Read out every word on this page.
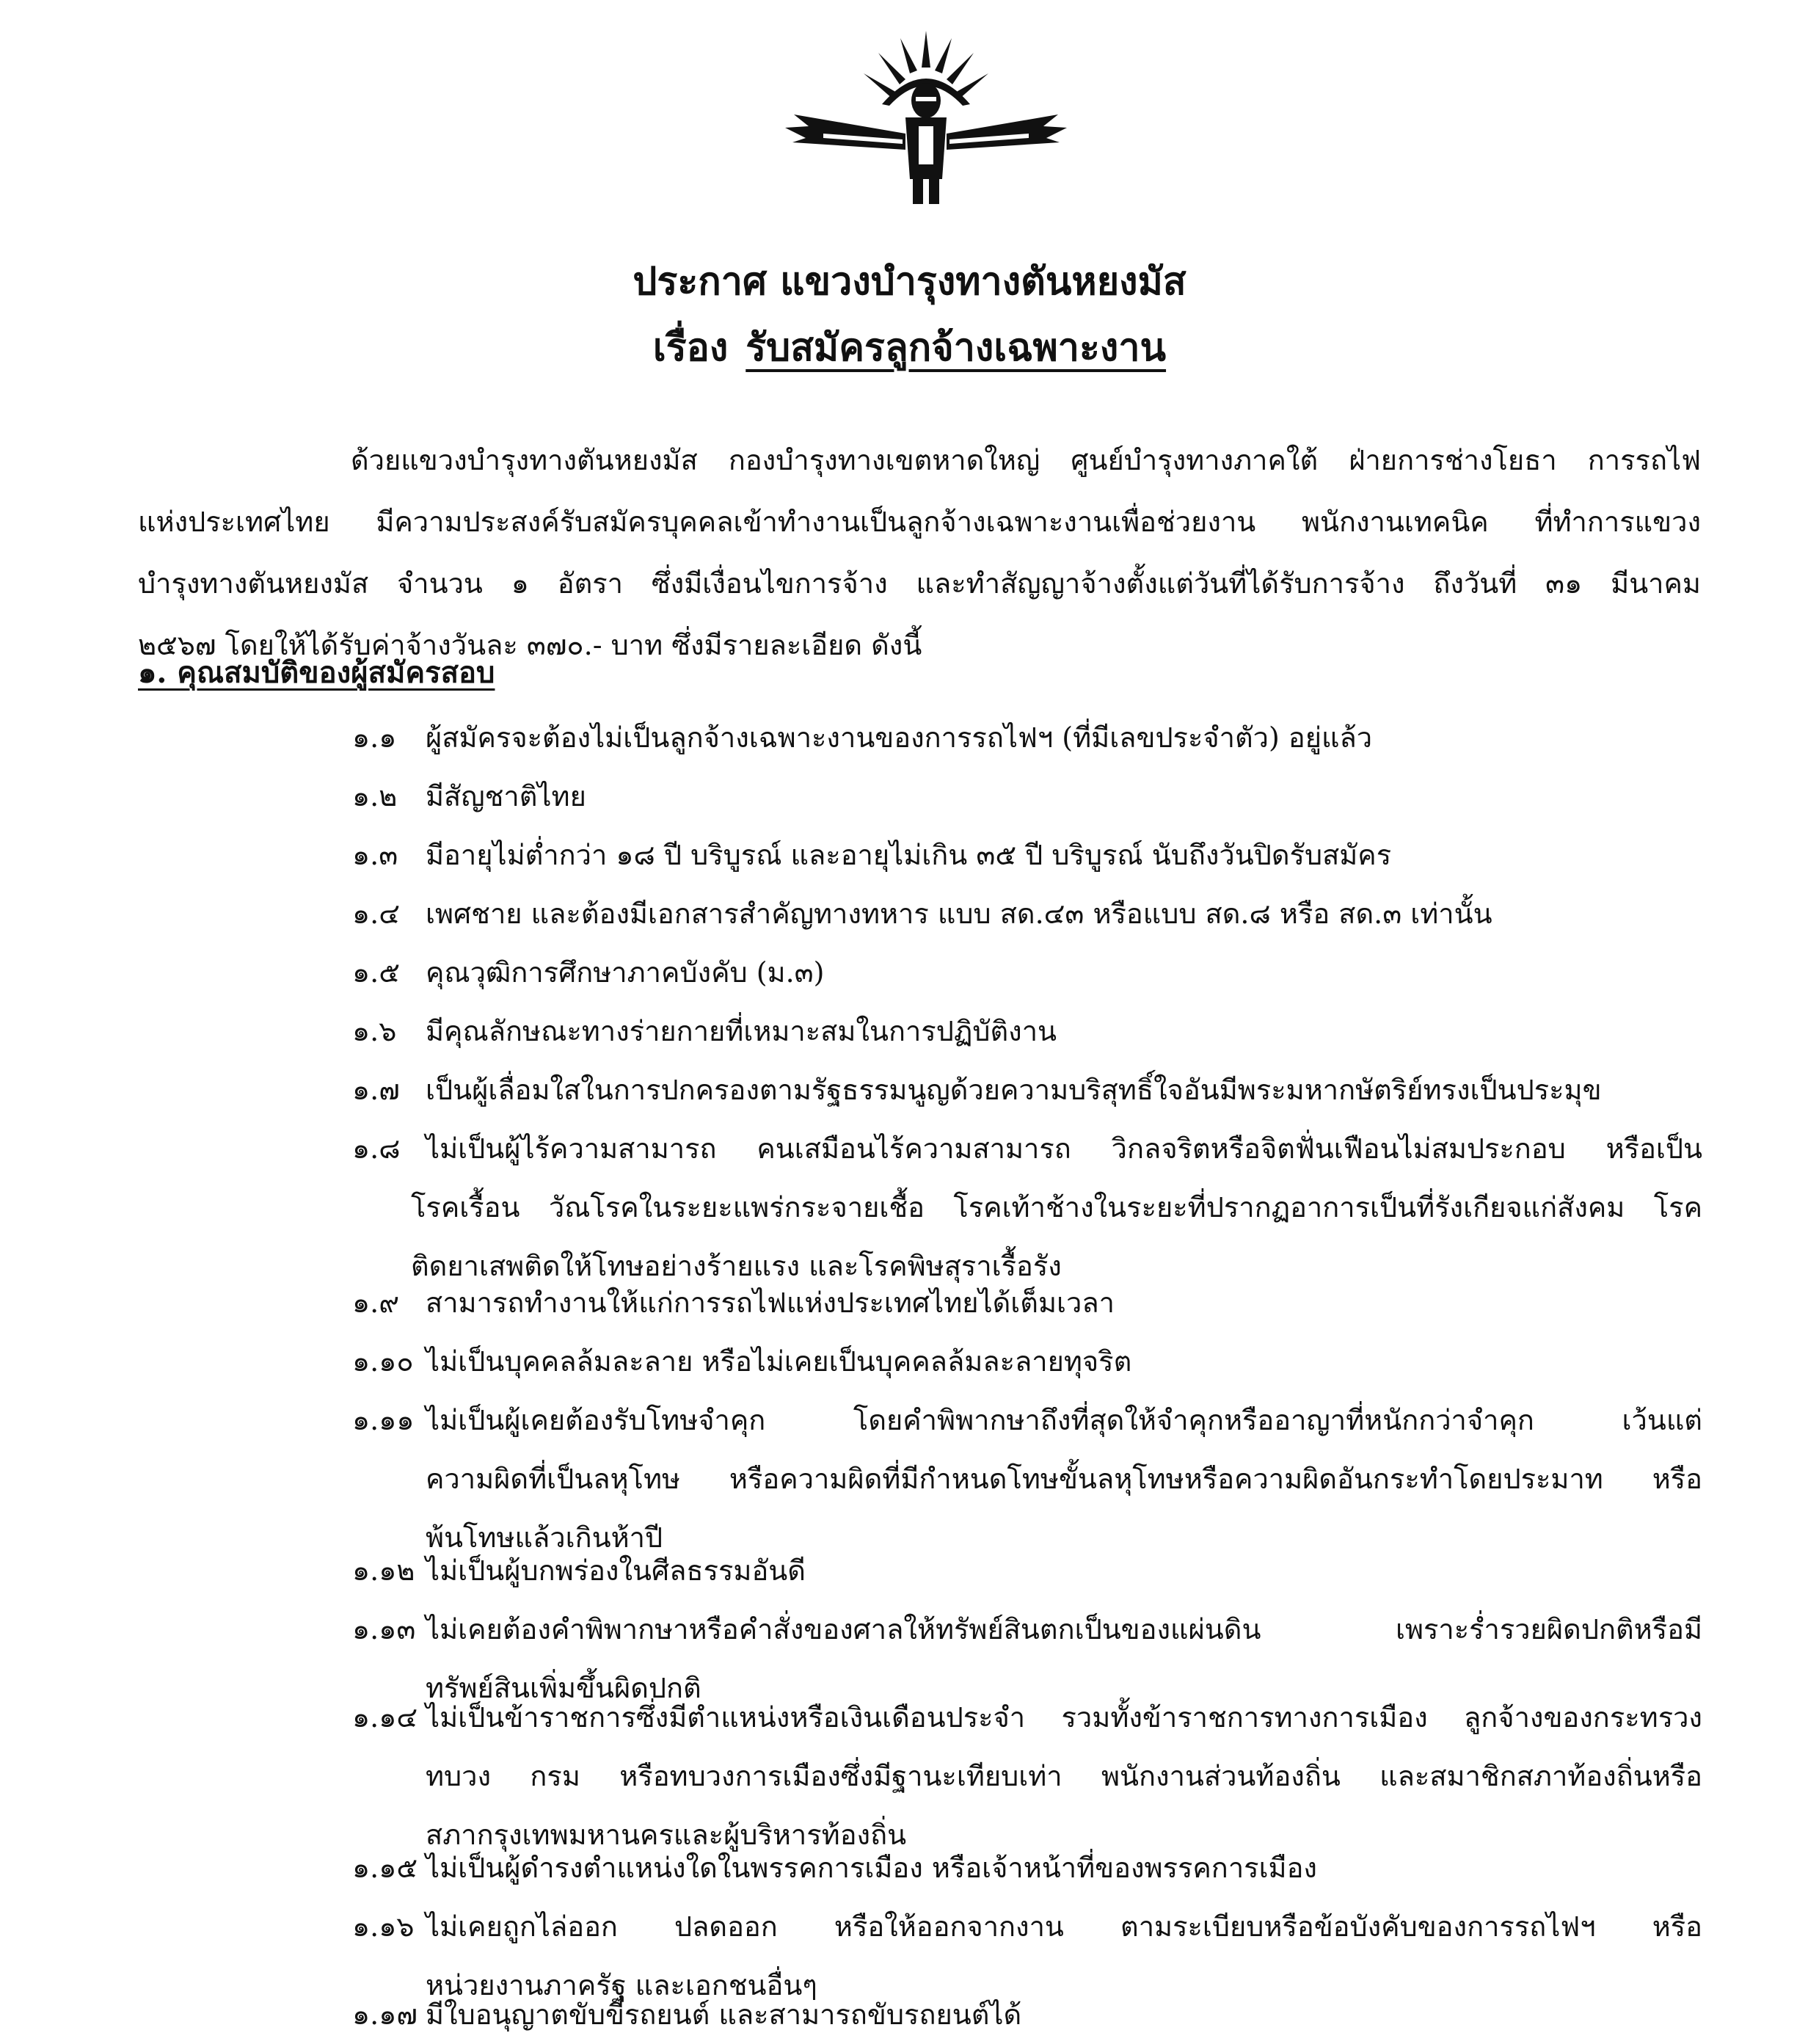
ประกาศ แขวงบำรุงทางตันหยงมัส
เรื่อง รับสมัครลูกจ้างเฉพาะงาน
ด้วยแขวงบำรุงทางตันหยงมัส กองบำรุงทางเขตหาดใหญ่ ศูนย์บำรุงทางภาคใต้ ฝ่ายการช่างโยธา การรถไฟ
แห่งประเทศไทย มีความประสงค์รับสมัครบุคคลเข้าทำงานเป็นลูกจ้างเฉพาะงานเพื่อช่วยงาน พนักงานเทคนิค ที่ทำการแขวง
บำรุงทางตันหยงมัส จำนวน ๑ อัตรา ซึ่งมีเงื่อนไขการจ้าง และทำสัญญาจ้างตั้งแต่วันที่ได้รับการจ้าง ถึงวันที่ ๓๑ มีนาคม
๒๕๖๗ โดยให้ได้รับค่าจ้างวันละ ๓๗๐.- บาท ซึ่งมีรายละเอียด ดังนี้
๑. คุณสมบัติของผู้สมัครสอบ
๑.๑ ผู้สมัครจะต้องไม่เป็นลูกจ้างเฉพาะงานของการรถไฟฯ (ที่มีเลขประจำตัว) อยู่แล้ว
๑.๒ มีสัญชาติไทย
๑.๓ มีอายุไม่ต่ำกว่า ๑๘ ปี บริบูรณ์ และอายุไม่เกิน ๓๕ ปี บริบูรณ์ นับถึงวันปิดรับสมัคร
๑.๔ เพศชาย และต้องมีเอกสารสำคัญทางทหาร แบบ สด.๔๓ หรือแบบ สด.๘ หรือ สด.๓ เท่านั้น
๑.๕ คุณวุฒิการศึกษาภาคบังคับ (ม.๓)
๑.๖ มีคุณลักษณะทางร่ายกายที่เหมาะสมในการปฏิบัติงาน
๑.๗ เป็นผู้เลื่อมใสในการปกครองตามรัฐธรรมนูญด้วยความบริสุทธิ์ใจอันมีพระมหากษัตริย์ทรงเป็นประมุข
๑.๘ ไม่เป็นผู้ไร้ความสามารถ คนเสมือนไร้ความสามารถ วิกลจริตหรือจิตฟั่นเฟือนไม่สมประกอบ หรือเป็น
โรคเรื้อน วัณโรคในระยะแพร่กระจายเชื้อ โรคเท้าช้างในระยะที่ปรากฏอาการเป็นที่รังเกียจแก่สังคม โรค
ติดยาเสพติดให้โทษอย่างร้ายแรง และโรคพิษสุราเรื้อรัง
๑.๙ สามารถทำงานให้แก่การรถไฟแห่งประเทศไทยได้เต็มเวลา
๑.๑๐ ไม่เป็นบุคคลล้มละลาย หรือไม่เคยเป็นบุคคลล้มละลายทุจริต
๑.๑๑ ไม่เป็นผู้เคยต้องรับโทษจำคุก โดยคำพิพากษาถึงที่สุดให้จำคุกหรืออาญาที่หนักกว่าจำคุก เว้นแต่
ความผิดที่เป็นลหุโทษ หรือความผิดที่มีกำหนดโทษขั้นลหุโทษหรือความผิดอันกระทำโดยประมาท หรือ
พ้นโทษแล้วเกินห้าปี
๑.๑๒ ไม่เป็นผู้บกพร่องในศีลธรรมอันดี
๑.๑๓ ไม่เคยต้องคำพิพากษาหรือคำสั่งของศาลให้ทรัพย์สินตกเป็นของแผ่นดิน เพราะร่ำรวยผิดปกติหรือมี
ทรัพย์สินเพิ่มขึ้นผิดปกติ
๑.๑๔ ไม่เป็นข้าราชการซึ่งมีตำแหน่งหรือเงินเดือนประจำ รวมทั้งข้าราชการทางการเมือง ลูกจ้างของกระทรวง
ทบวง กรม หรือทบวงการเมืองซึ่งมีฐานะเทียบเท่า พนักงานส่วนท้องถิ่น และสมาชิกสภาท้องถิ่นหรือ
สภากรุงเทพมหานครและผู้บริหารท้องถิ่น
๑.๑๕ ไม่เป็นผู้ดำรงตำแหน่งใดในพรรคการเมือง หรือเจ้าหน้าที่ของพรรคการเมือง
๑.๑๖ ไม่เคยถูกไล่ออก ปลดออก หรือให้ออกจากงาน ตามระเบียบหรือข้อบังคับของการรถไฟฯ หรือ
หน่วยงานภาครัฐ และเอกชนอื่นๆ
๑.๑๗ มีใบอนุญาตขับขี่รถยนต์ และสามารถขับรถยนต์ได้
